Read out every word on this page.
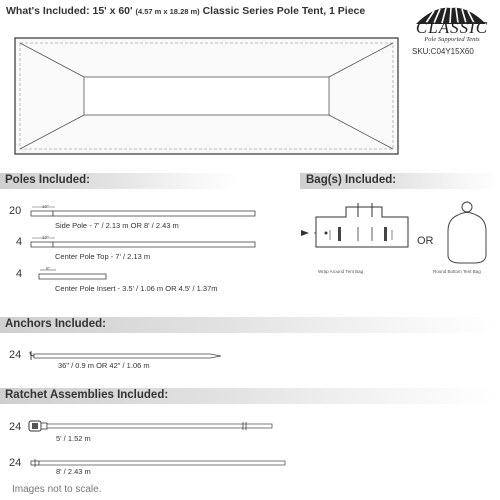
What's Included: 15' x 60' (4.57 m x 18.28 m) Classic Series Pole Tent, 1 Piece
CLASSIC
Pole Supported Tents
SKU:C04Y15X60
Poles Included:	Bag(s) Included:
Anchors Included:
Ratchet Assemblies Included:
20	10"
Side Pole - 7' / 2.13 m OR 8' / 2.43 m
4	10"
Center Pole Top - 7' / 2.13 m
4	8"
Center Pole Insert - 3.5' / 1.06 m OR 4.5' / 1.37m
Wrap Around Tent Bag
OR
Round Bottom Tent Bag
24
36" / 0.9 m OR 42" / 1.06 m
24
5' / 1.52 m
24
8' / 2.43 m
Images not to scale.
